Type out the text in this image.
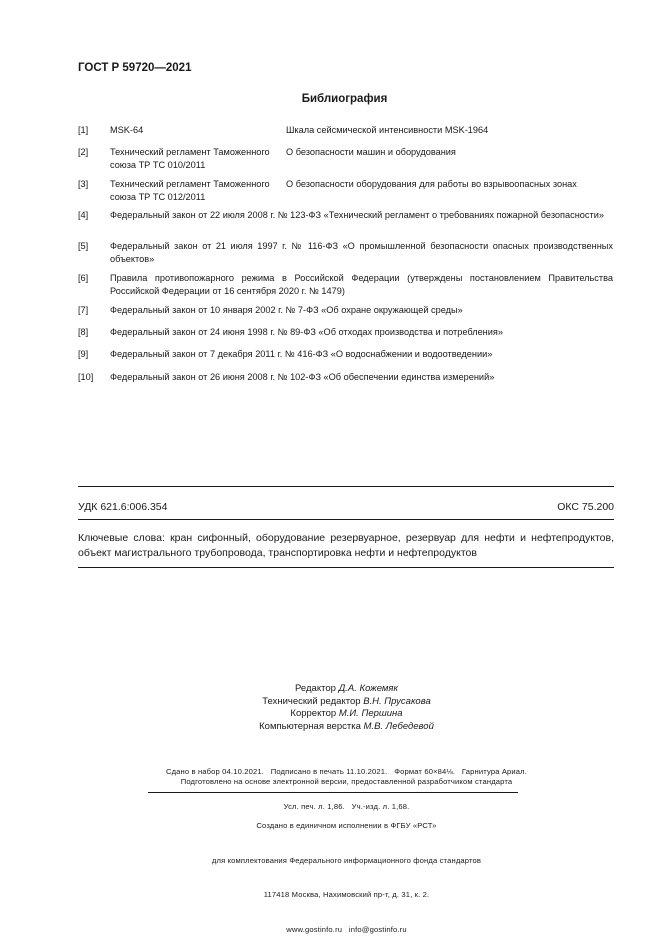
ГОСТ Р 59720—2021
Библиография
[1] MSK-64	Шкала сейсмической интенсивности MSK-1964
[2] Технический регламент Таможенного союза ТР ТС 010/2011
О безопасности машин и оборудования
[3] Технический регламент Таможенного союза ТР ТС 012/2011
О безопасности оборудования для работы во взрывоопасных зонах
[4] Федеральный закон от 22 июля 2008 г. № 123-ФЗ «Технический регламент о требованиях пожарной безопасности»
[5] Федеральный закон от 21 июля 1997 г. № 116-ФЗ «О промышленной безопасности опасных производственных объектов»
[6] Правила противопожарного режима в Российской Федерации (утверждены постановлением Правительства Российской Федерации от 16 сентября 2020 г. № 1479)
[7] Федеральный закон от 10 января 2002 г. № 7-ФЗ «Об охране окружающей среды»
[8] Федеральный закон от 24 июня 1998 г. № 89-ФЗ «Об отходах производства и потребления»
[9] Федеральный закон от 7 декабря 2011 г. № 416-ФЗ «О водоснабжении и водоотведении»
[10] Федеральный закон от 26 июня 2008 г. № 102-ФЗ «Об обеспечении единства измерений»
УДК 621.6:006.354	ОКС 75.200
Ключевые слова: кран сифонный, оборудование резервуарное, резервуар для нефти и нефтепродуктов, объект магистрального трубопровода, транспортировка нефти и нефтепродуктов
Редактор Д.А. Кожемяк
Технический редактор В.Н. Прусакова
Корректор М.И. Першина
Компьютерная верстка М.В. Лебедевой

Сдано в набор 04.10.2021.   Подписано в печать 11.10.2021.   Формат 60×84⅛.   Гарнитура Ариал.

Усл. печ. л. 1,86.   Уч.-изд. л. 1,68.

Подготовлено на основе электронной версии, предоставленной разработчиком стандарта

Создано в единичном исполнении в ФГБУ «РСТ»

для комплектования Федерального информационного фонда стандартов

117418 Москва, Нахимовский пр-т, д. 31, к. 2.

www.gostinfo.ru   info@gostinfo.ru
